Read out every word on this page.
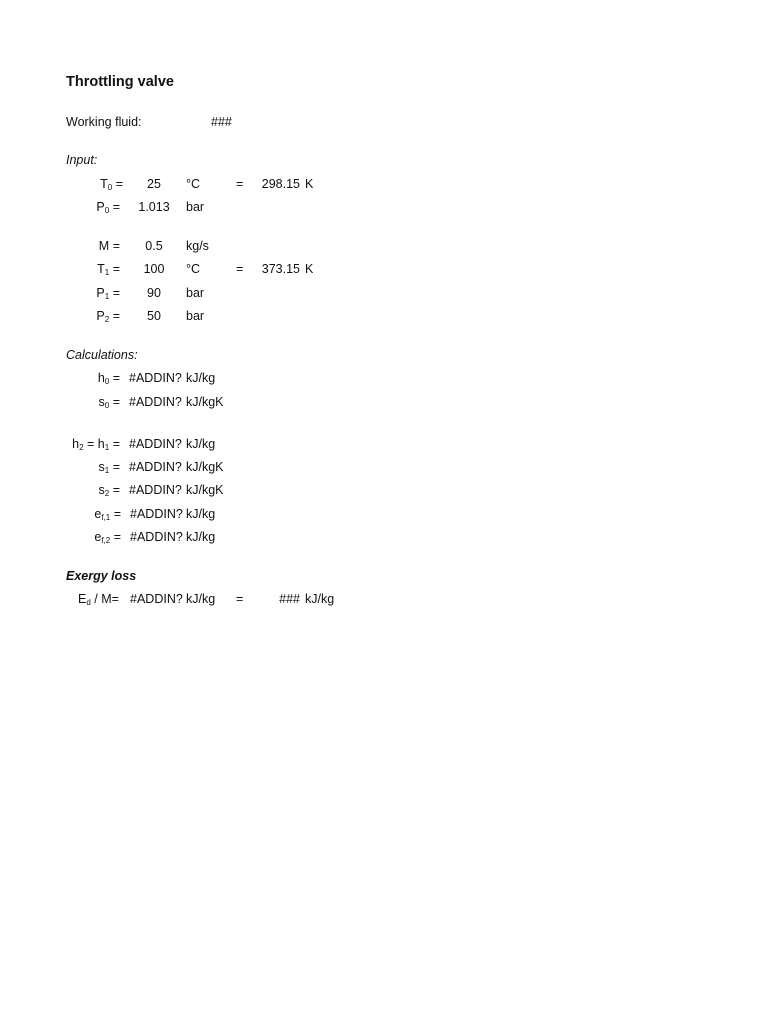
Throttling valve
Working fluid:	###
Input:
$T_0$ =	25	°C	=	298.15 K
$P_0$ =	1.013	bar
M =	0.5	kg/s
$T_1$ =	100	°C	=	373.15 K
$P_1$ =	90	bar
$P_2$ =	50	bar
Calculations:
$h_0$ = #ADDIN? kJ/kg
$s_0$ = #ADDIN? kJ/kgK
$h_2 = h_1$ = #ADDIN? kJ/kg
$s_1$ = #ADDIN? kJ/kgK
$s_2$ = #ADDIN? kJ/kgK
$e_{f,1}$ = #ADDIN? kJ/kg
$e_{f,2}$ = #ADDIN? kJ/kg
Exergy loss
$E_d / M=$ #ADDIN? kJ/kg =	### kJ/kg
